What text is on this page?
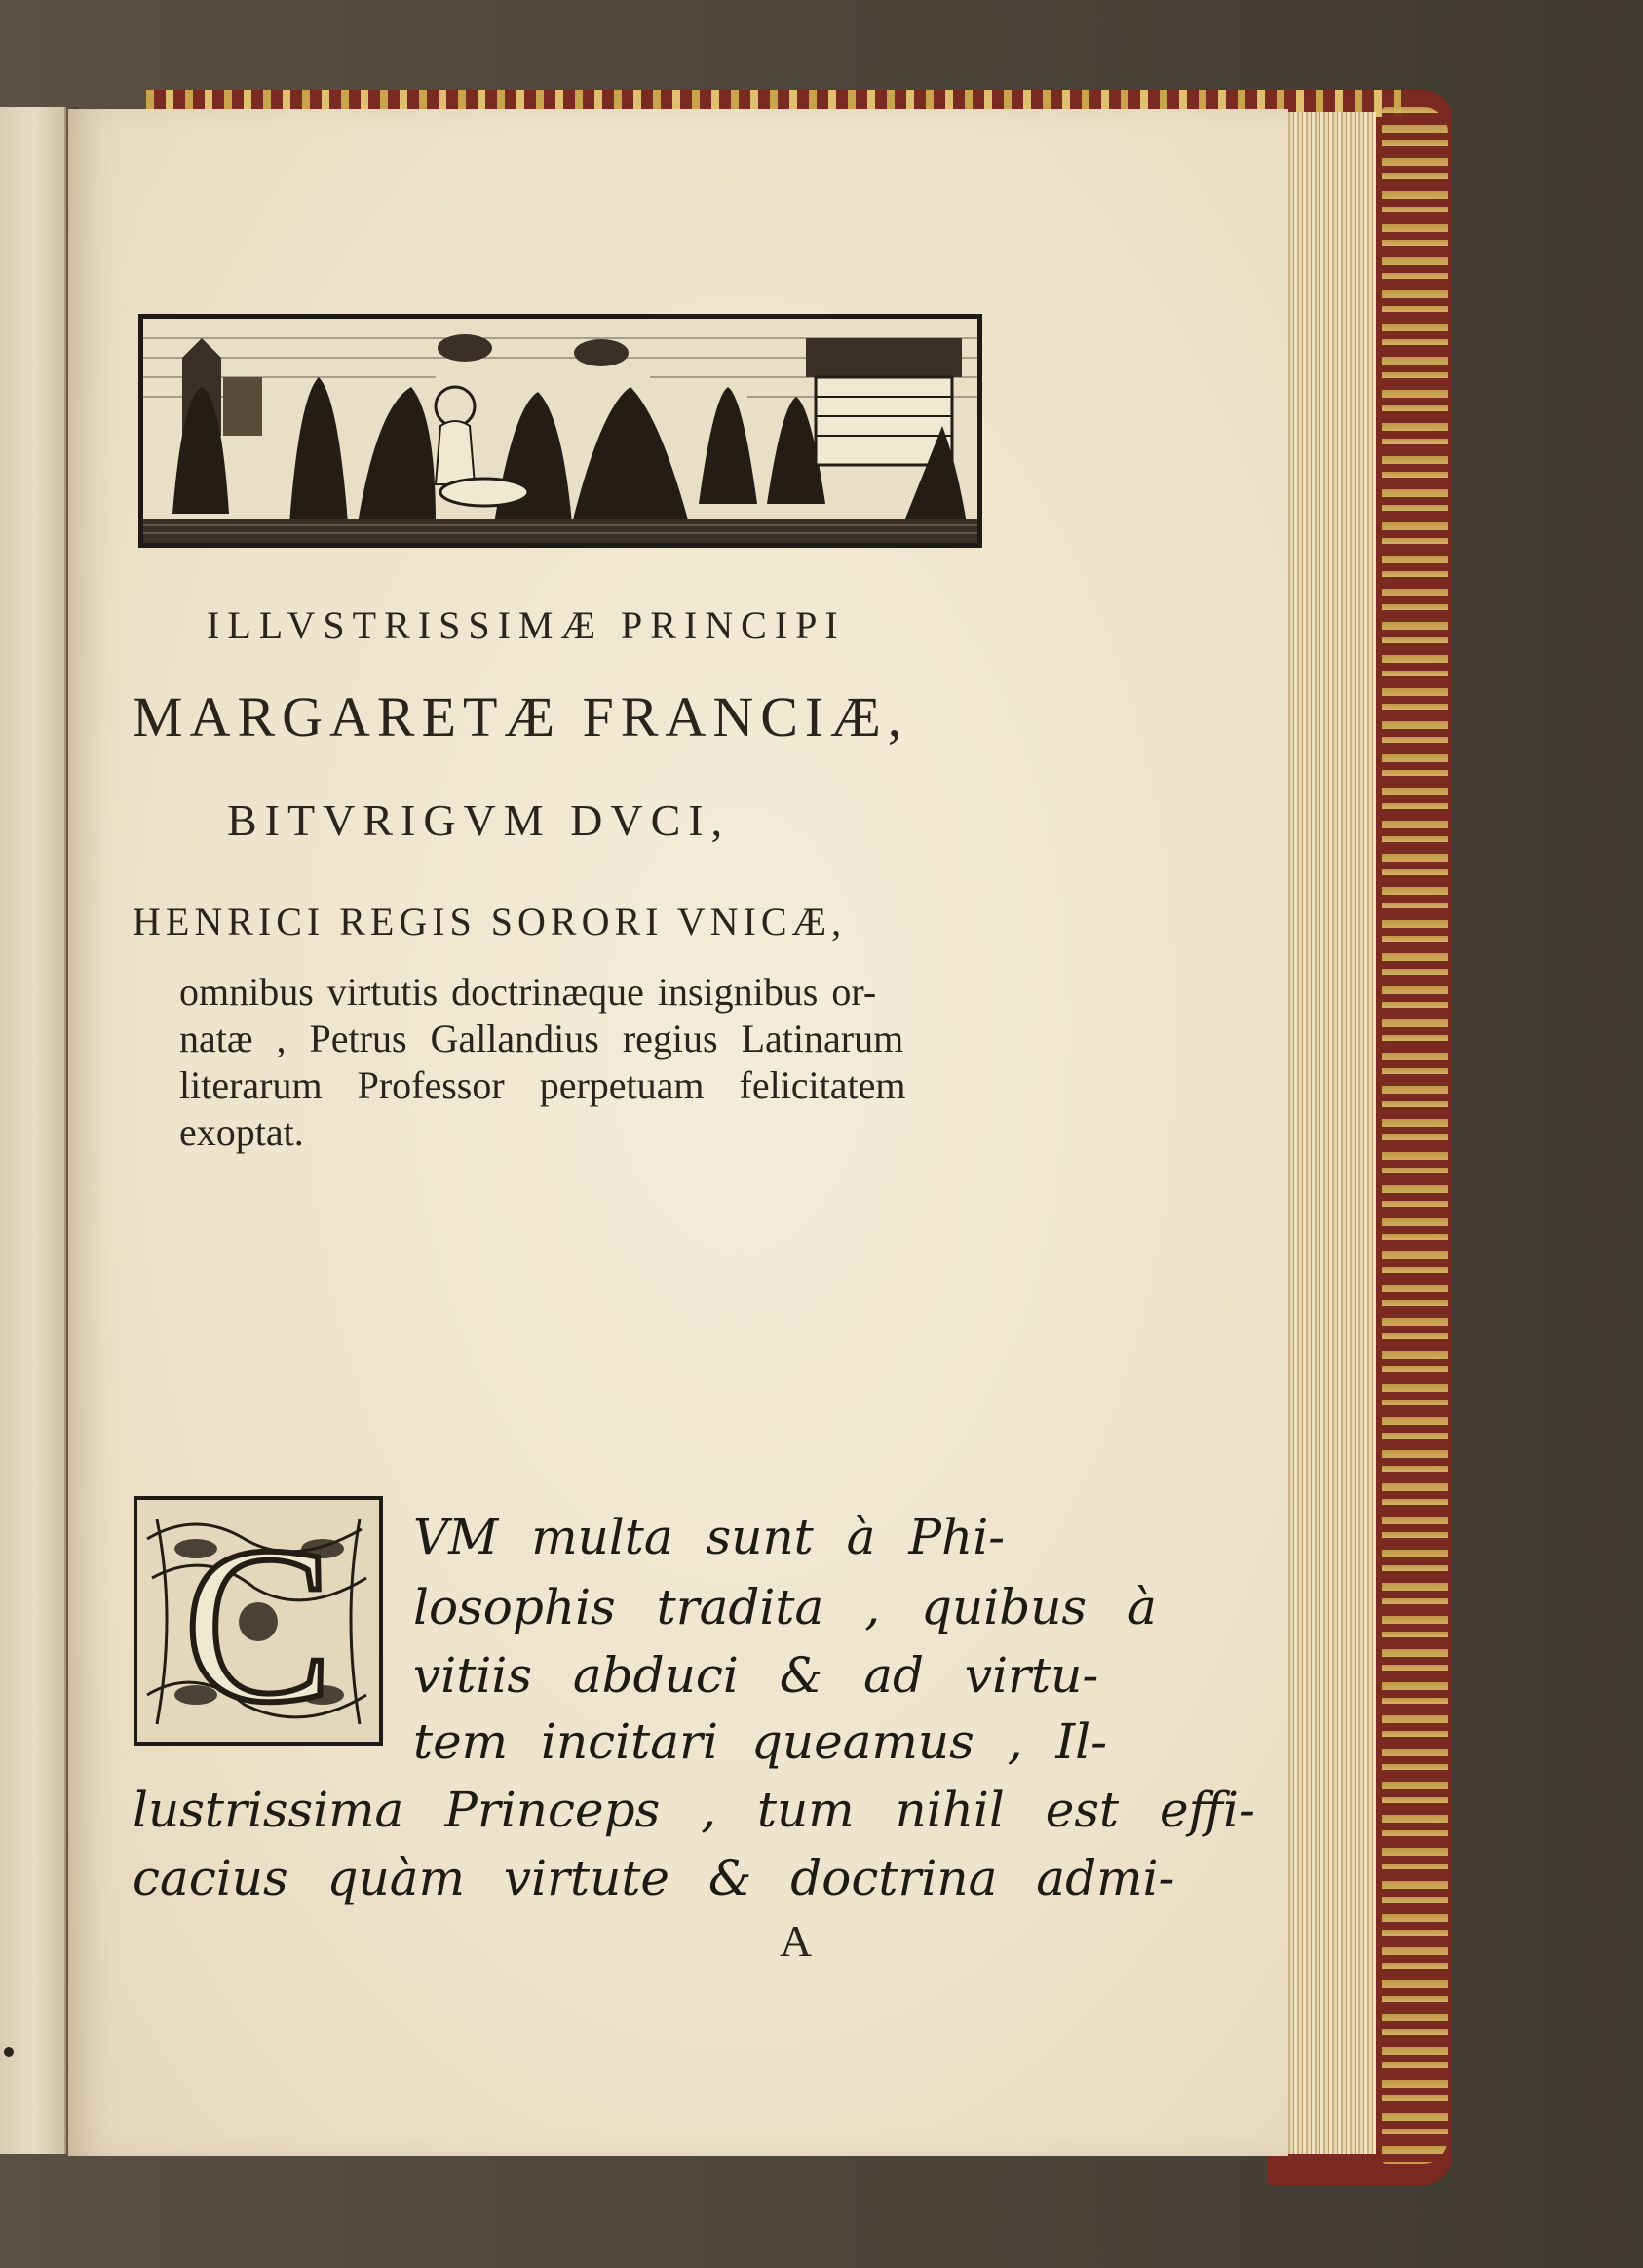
ILLVSTRISSIMÆ PRINCIPI
MARGARETÆ FRANCIÆ,
BITVRIGVM DVCI,
HENRICI REGIS SORORI VNICÆ,
omnibus virtutis doctrinæque insignibus or-
natæ , Petrus Gallandius regius Latinarum
literarum Professor perpetuam felicitatem
exoptat.
C VM multa sunt à Phi-
losophis tradita , quibus à
vitiis abduci & ad virtu-
tem incitari queamus , Il-
lustrissima Princeps , tum nihil est effi-
cacius quàm virtute & doctrina admi-
A
